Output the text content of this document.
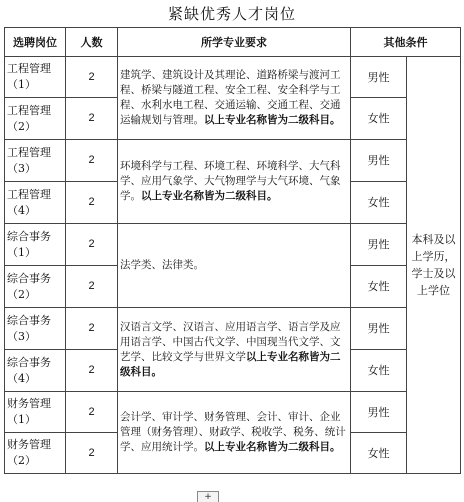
紧缺优秀人才岗位
选聘岗位	人数	所学专业要求	其他条件	
工程管理（1）	2	建筑学、建筑设计及其理论、道路桥梁与渡河工程、桥梁与隧道工程、安全工程、安全科学与工程、水利水电工程、交通运输、交通工程、交通运输规划与管理。以上专业名称皆为二级科目。	男性	本科及以上学历，学士及以上学位
工程管理（2）	2		女性	
工程管理（3）	2	环境科学与工程、环境工程、环境科学、大气科学、应用气象学、大气物理学与大气环境、气象学。以上专业名称皆为二级科目。	男性	
工程管理（4）	2		女性	
综合事务（1）	2	法学类、法律类。	男性	
综合事务（2）	2		女性	
综合事务（3）	2	汉语言文学、汉语言、应用语言学、语言学及应用语言学、中国古代文学、中国现当代文学、文艺学、比较文学与世界文学以上专业名称皆为二级科目。	男性	
综合事务（4）	2		女性	
财务管理（1）	2	会计学、审计学、财务管理、会计、审计、企业管理（财务管理）、财政学、税收学、税务、统计学、应用统计学。以上专业名称皆为二级科目。	男性	
财务管理（2）	2		女性	
+
